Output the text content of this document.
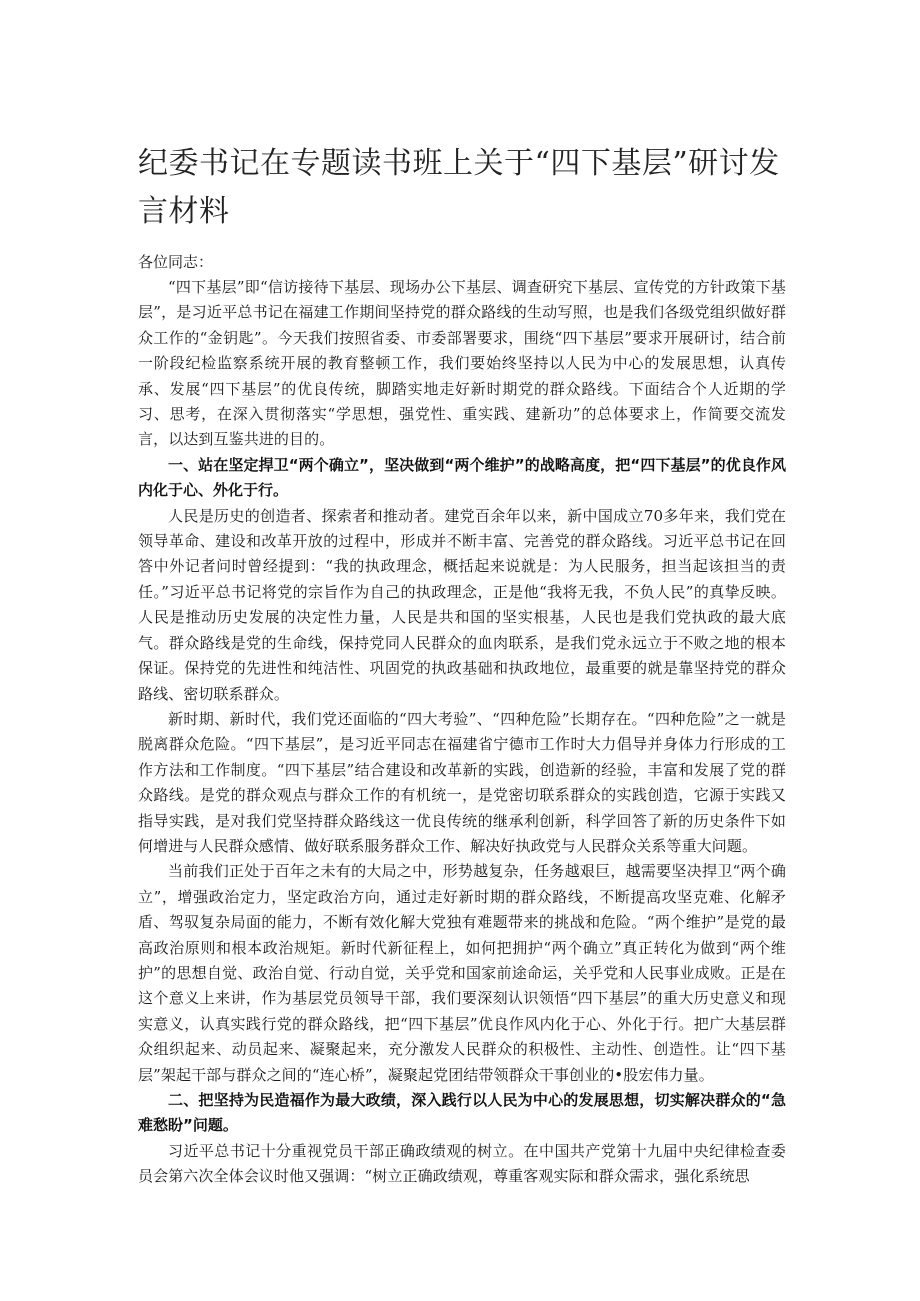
纪委书记在专题读书班上关于“四下基层”研讨发言材料

各位同志：

“四下基层”即“信访接待下基层、现场办公下基层、调查研究下基层、宣传党的方针政策下基层”，是习近平总书记在福建工作期间坚持党的群众路线的生动写照，也是我们各级党组织做好群众工作的“金钥匙”。今天我们按照省委、市委部署要求，围绕“四下基层”要求开展研讨，结合前一阶段纪检监察系统开展的教育整顿工作，我们要始终坚持以人民为中心的发展思想，认真传承、发展“四下基层”的优良传统，脚踏实地走好新时期党的群众路线。下面结合个人近期的学习、思考，在深入贯彻落实“学思想，强党性、重实践、建新功”的总体要求上，作简要交流发言，以达到互鉴共进的目的。

一、站在坚定捍卫“两个确立”，坚决做到“两个维护”的战略高度，把“四下基层”的优良作风内化于心、外化于行。

人民是历史的创造者、探索者和推动者。建党百余年以来，新中国成立70多年来，我们党在领导革命、建设和改革开放的过程中，形成并不断丰富、完善党的群众路线。习近平总书记在回答中外记者问时曾经提到：“我的执政理念，概括起来说就是：为人民服务，担当起该担当的责任。”习近平总书记将党的宗旨作为自己的执政理念，正是他“我将无我，不负人民”的真挚反映。人民是推动历史发展的决定性力量，人民是共和国的坚实根基，人民也是我们党执政的最大底气。群众路线是党的生命线，保持党同人民群众的血肉联系，是我们党永远立于不败之地的根本保证。保持党的先进性和纯洁性、巩固党的执政基础和执政地位，最重要的就是靠坚持党的群众路线、密切联系群众。

新时期、新时代，我们党还面临的“四大考验”、“四种危险”长期存在。“四种危险”之一就是脱离群众危险。“四下基层”，是习近平同志在福建省宁德市工作时大力倡导并身体力行形成的工作方法和工作制度。“四下基层”结合建设和改革新的实践，创造新的经验，丰富和发展了党的群众路线。是党的群众观点与群众工作的有机统一，是党密切联系群众的实践创造，它源于实践又指导实践，是对我们党坚持群众路线这一优良传统的继承利创新，科学回答了新的历史条件下如何增进与人民群众感情、做好联系服务群众工作、解决好执政党与人民群众关系等重大问题。

当前我们正处于百年之未有的大局之中，形势越复杂，任务越艰巨，越需要坚决捍卫“两个确立”，增强政治定力，坚定政治方向，通过走好新时期的群众路线，不断提高攻坚克难、化解矛盾、驾驭复杂局面的能力，不断有效化解大党独有难题带来的挑战和危险。“两个维护”是党的最高政治原则和根本政治规矩。新时代新征程上，如何把拥护“两个确立”真正转化为做到“两个维护”的思想自觉、政治自觉、行动自觉，关乎党和国家前途命运，关乎党和人民事业成败。正是在这个意义上来讲，作为基层党员领导干部，我们要深刻认识领悟“四下基层”的重大历史意义和现实意义，认真实践行党的群众路线，把“四下基层”优良作风内化于心、外化于行。把广大基层群众组织起来、动员起来、凝聚起来，充分激发人民群众的积极性、主动性、创造性。让“四下基层”架起干部与群众之间的“连心桥”，凝聚起党团结带领群众干事创业的•股宏伟力量。

二、把坚持为民造福作为最大政绩，深入践行以人民为中心的发展思想，切实解决群众的“急难愁盼”问题。

习近平总书记十分重视党员干部正确政绩观的树立。在中国共产党第十九届中央纪律检查委员会第六次全体会议时他又强调：“树立正确政绩观，尊重客观实际和群众需求，强化系统思
